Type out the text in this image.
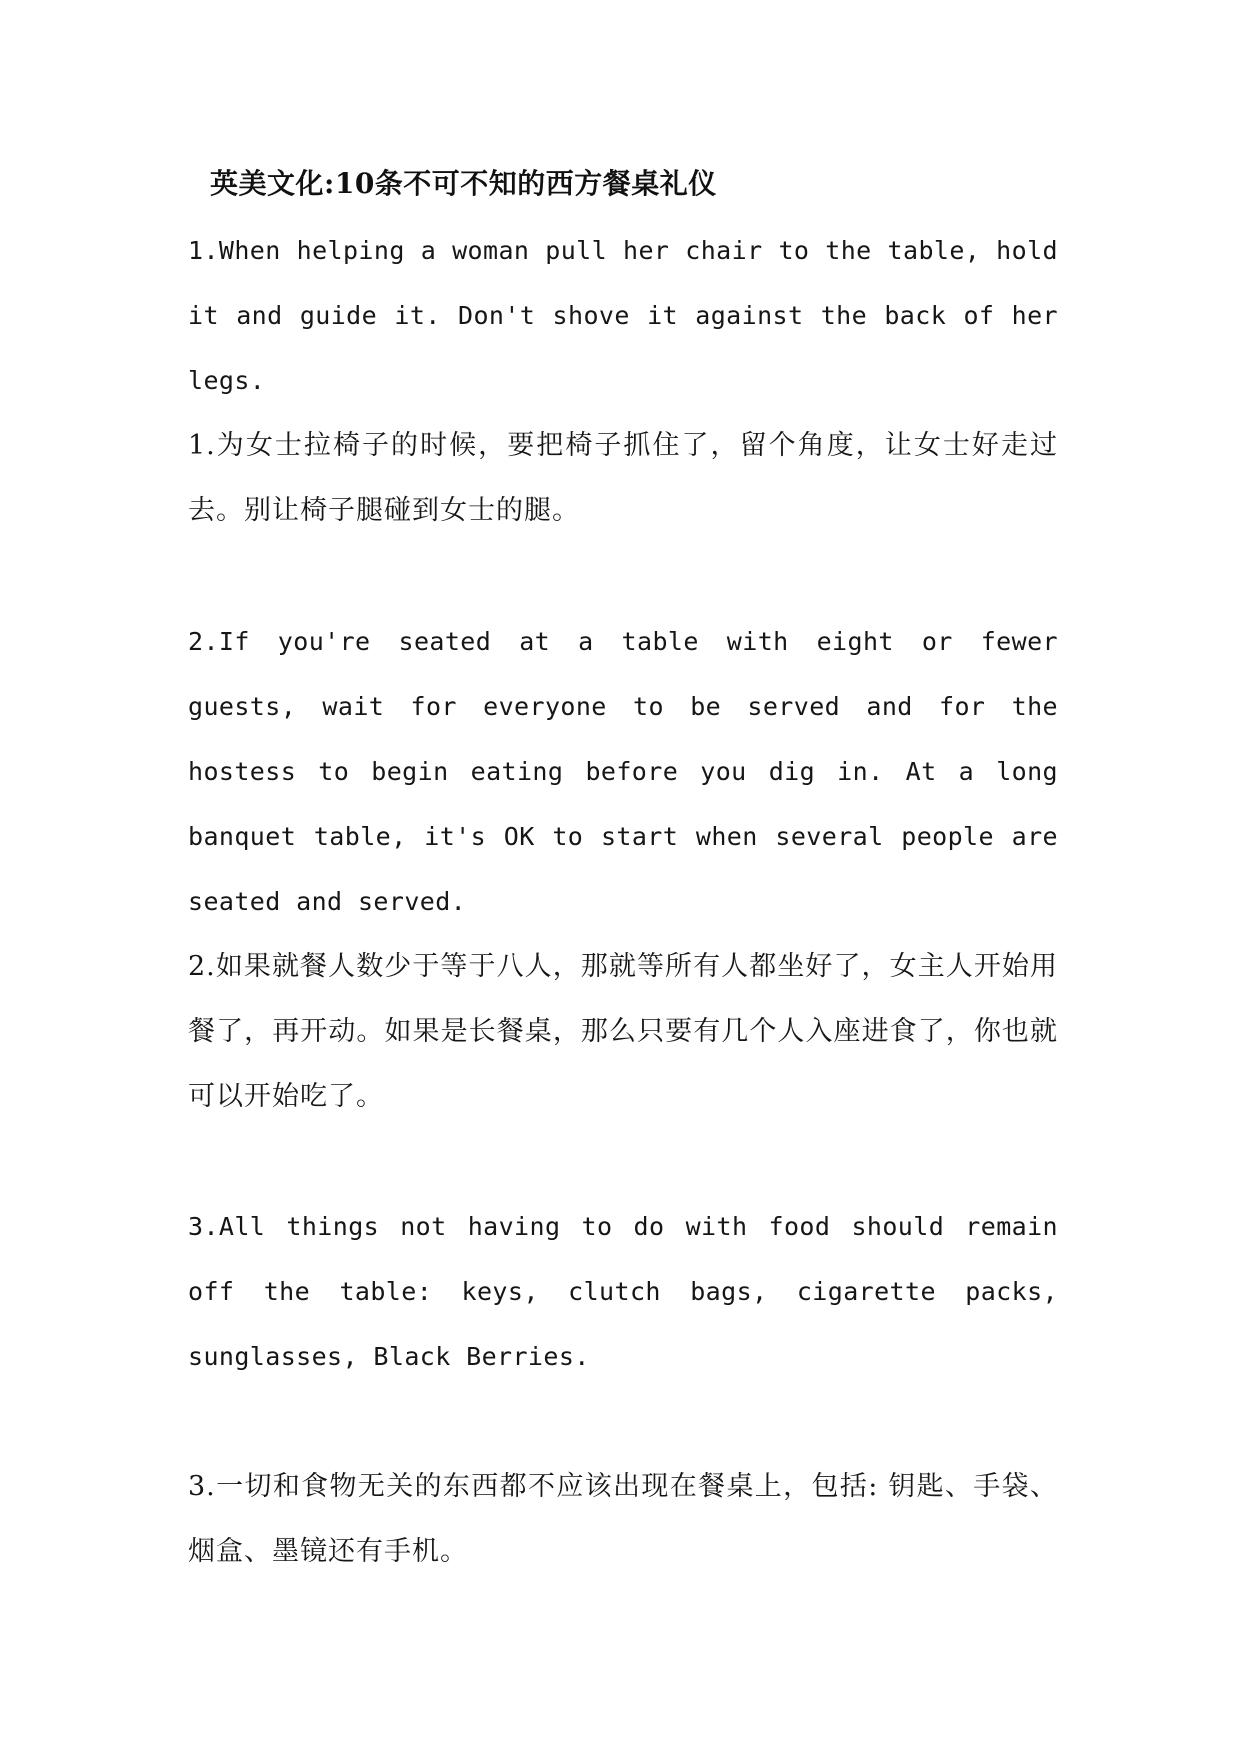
英美文化:10条不可不知的西方餐桌礼仪

1.When helping a woman pull her chair to the table, hold it and guide it. Don't shove it against the back of her legs.

1.为女士拉椅子的时候，要把椅子抓住了，留个角度，让女士好走过去。别让椅子腿碰到女士的腿。

2.If you're seated at a table with eight or fewer guests, wait for everyone to be served and for the hostess to begin eating before you dig in. At a long banquet table, it's OK to start when several people are seated and served.

2.如果就餐人数少于等于八人，那就等所有人都坐好了，女主人开始用餐了，再开动。如果是长餐桌，那么只要有几个人入座进食了，你也就可以开始吃了。

3.All things not having to do with food should remain off the table: keys, clutch bags, cigarette packs, sunglasses, Black Berries.

3.一切和食物无关的东西都不应该出现在餐桌上，包括: 钥匙、手袋、烟盒、墨镜还有手机。
